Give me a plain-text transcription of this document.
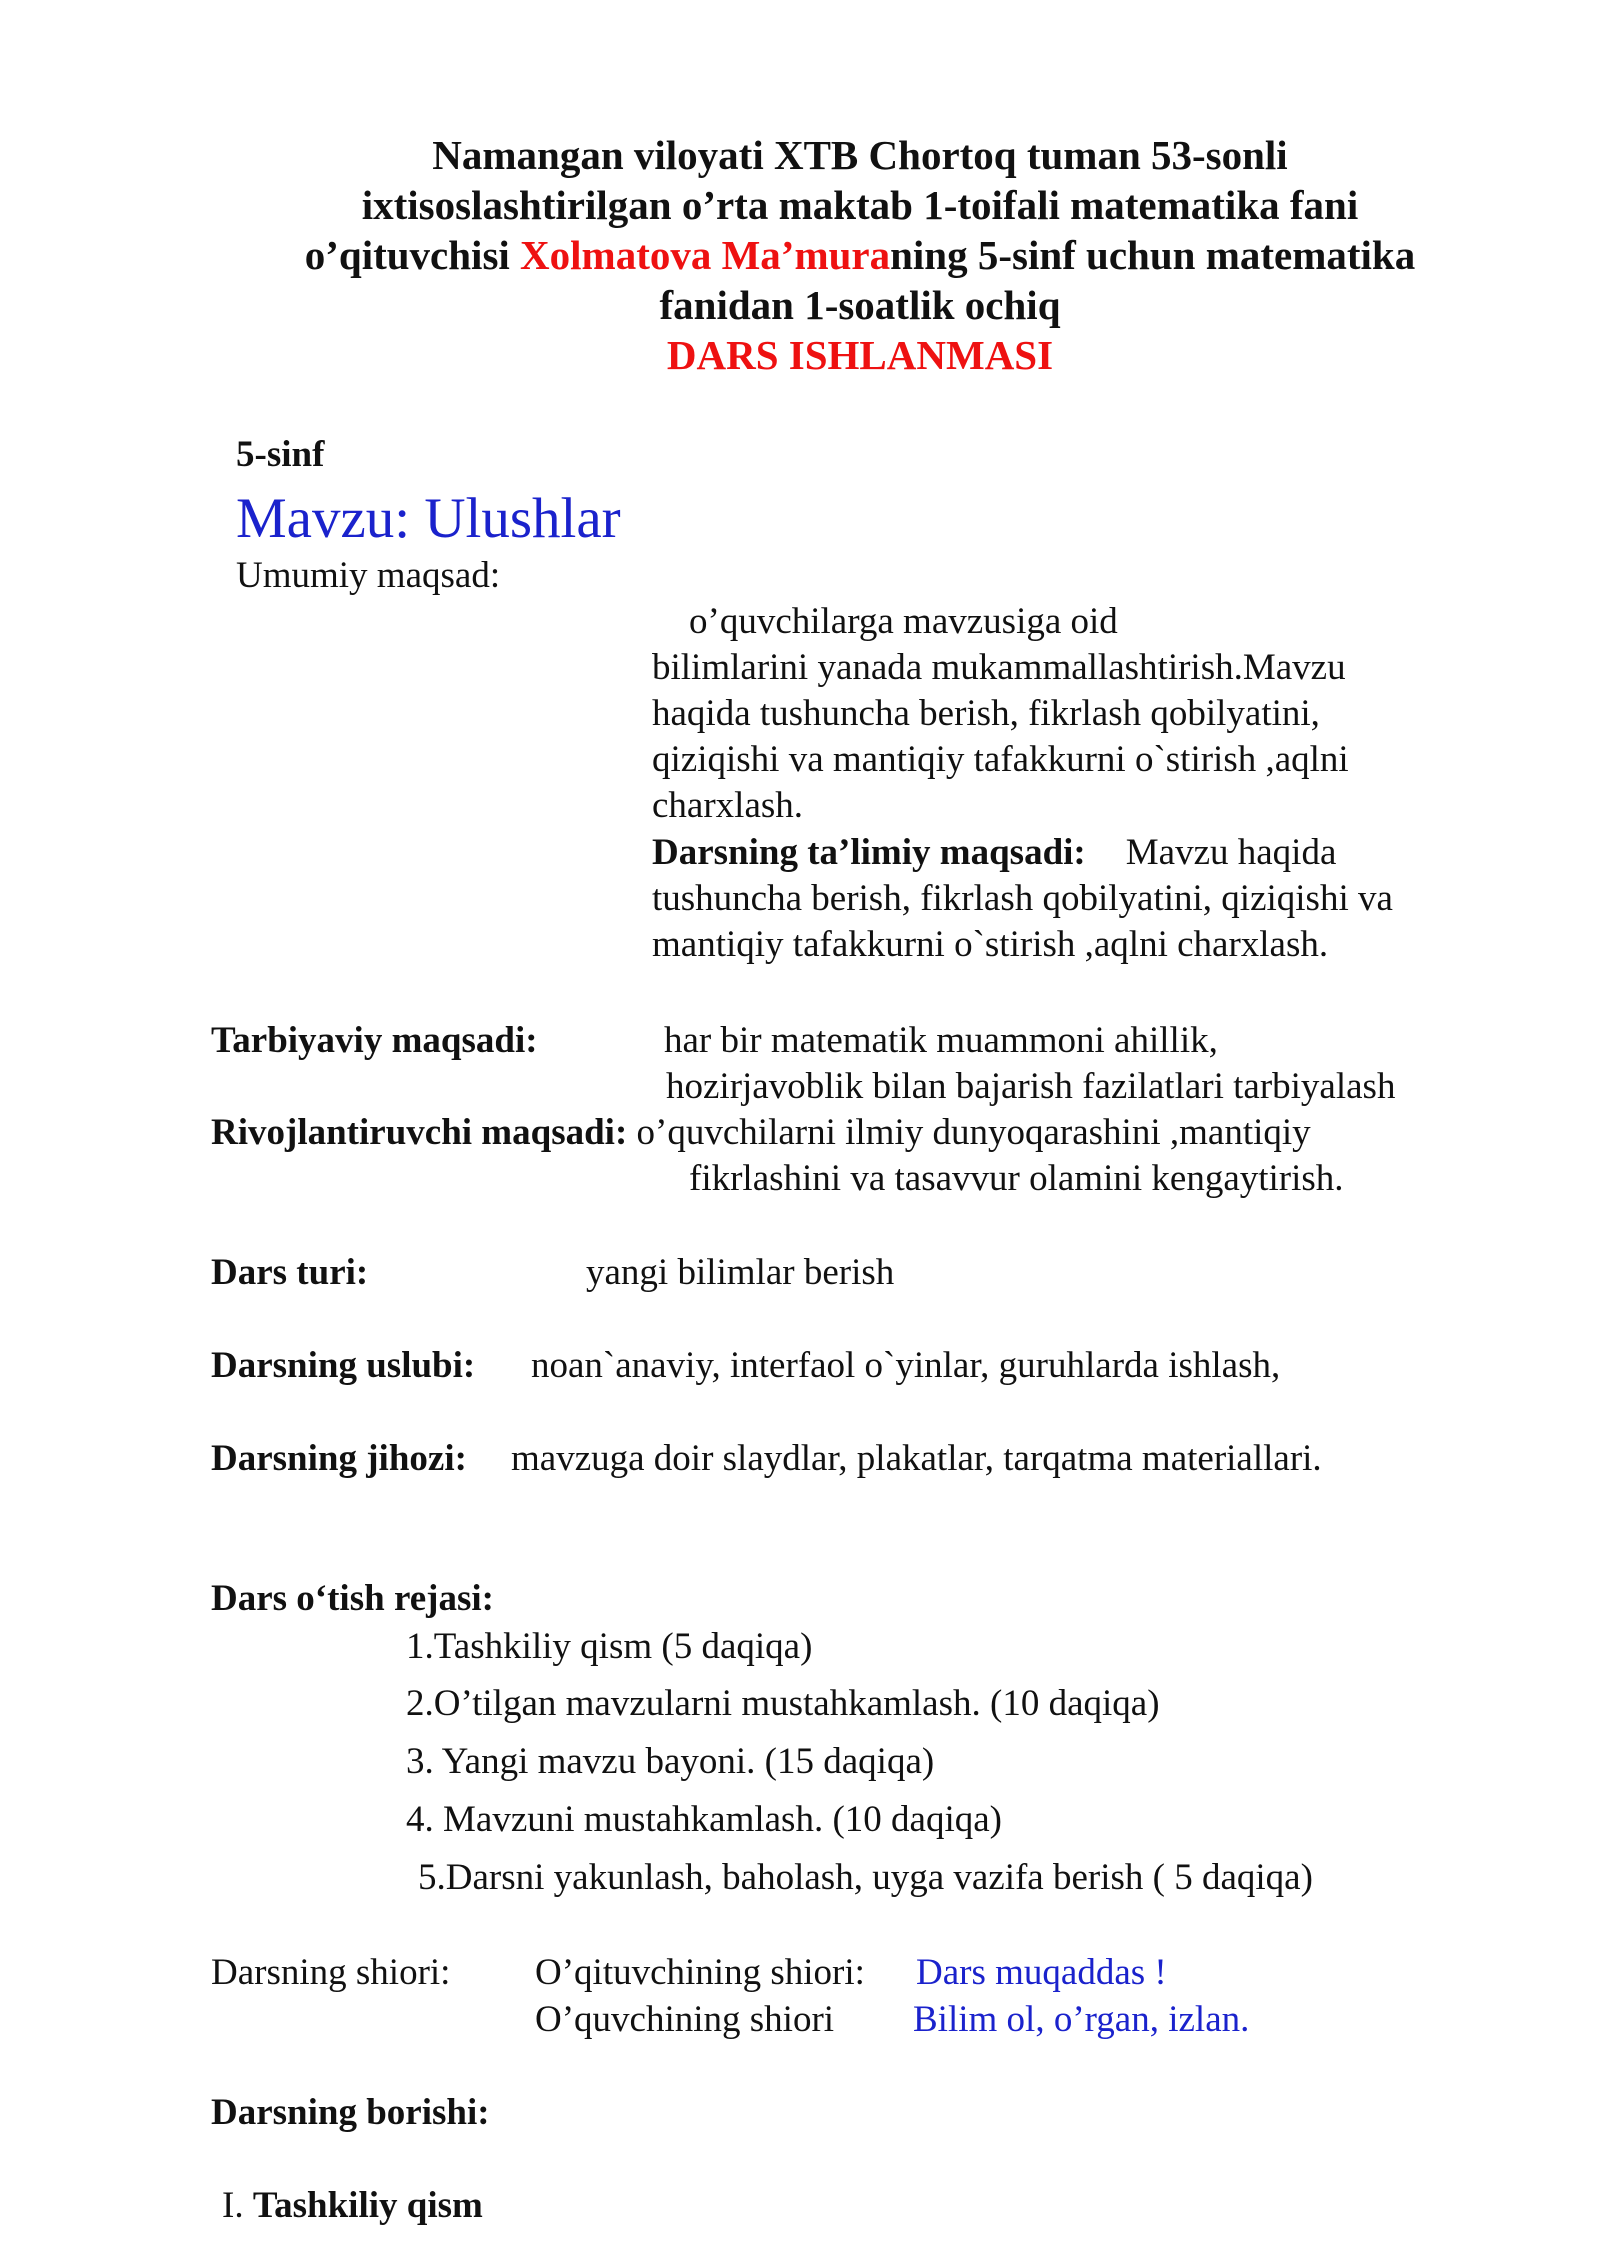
Namangan viloyati XTB Chortoq tuman 53-sonli
ixtisoslashtirilgan o’rta maktab 1-toifali matematika fani
o’qituvchisi Xolmatova Ma’muraning 5-sinf uchun matematika
fanidan 1-soatlik ochiq
DARS ISHLANMASI
5-sinf
Mavzu: Ulushlar
Umumiy maqsad:
o’quvchilarga mavzusiga oid
bilimlarini yanada mukammallashtirish.Mavzu
haqida tushuncha berish, fikrlash qobilyatini,
qiziqishi va mantiqiy tafakkurni o`stirish ,aqlni
charxlash.
Darsning ta’limiy maqsadi: Mavzu haqida
tushuncha berish, fikrlash qobilyatini, qiziqishi va
mantiqiy tafakkurni o`stirish ,aqlni charxlash.
Tarbiyaviy maqsadi:	har bir matematik muammoni ahillik,
hozirjavoblik bilan bajarish fazilatlari tarbiyalash
Rivojlantiruvchi maqsadi: o’quvchilarni ilmiy dunyoqarashini ,mantiqiy
fikrlashini va tasavvur olamini kengaytirish.
Dars turi:	yangi bilimlar berish
Darsning uslubi: noan`anaviy, interfaol o`yinlar, guruhlarda ishlash,
Darsning jihozi: mavzuga doir slaydlar, plakatlar, tarqatma materiallari.
Dars o‘tish rejasi:
1.Tashkiliy qism (5 daqiqa)
2.O’tilgan mavzularni mustahkamlash. (10 daqiqa)
3. Yangi mavzu bayoni. (15 daqiqa)
4. Mavzuni mustahkamlash. (10 daqiqa)
5.Darsni yakunlash, baholash, uyga vazifa berish ( 5 daqiqa)
Darsning shiori: O’qituvchining shiori: Dars muqaddas !
O’quvchining shiori Bilim ol, o’rgan, izlan.
Darsning borishi:
I. Tashkiliy qism
